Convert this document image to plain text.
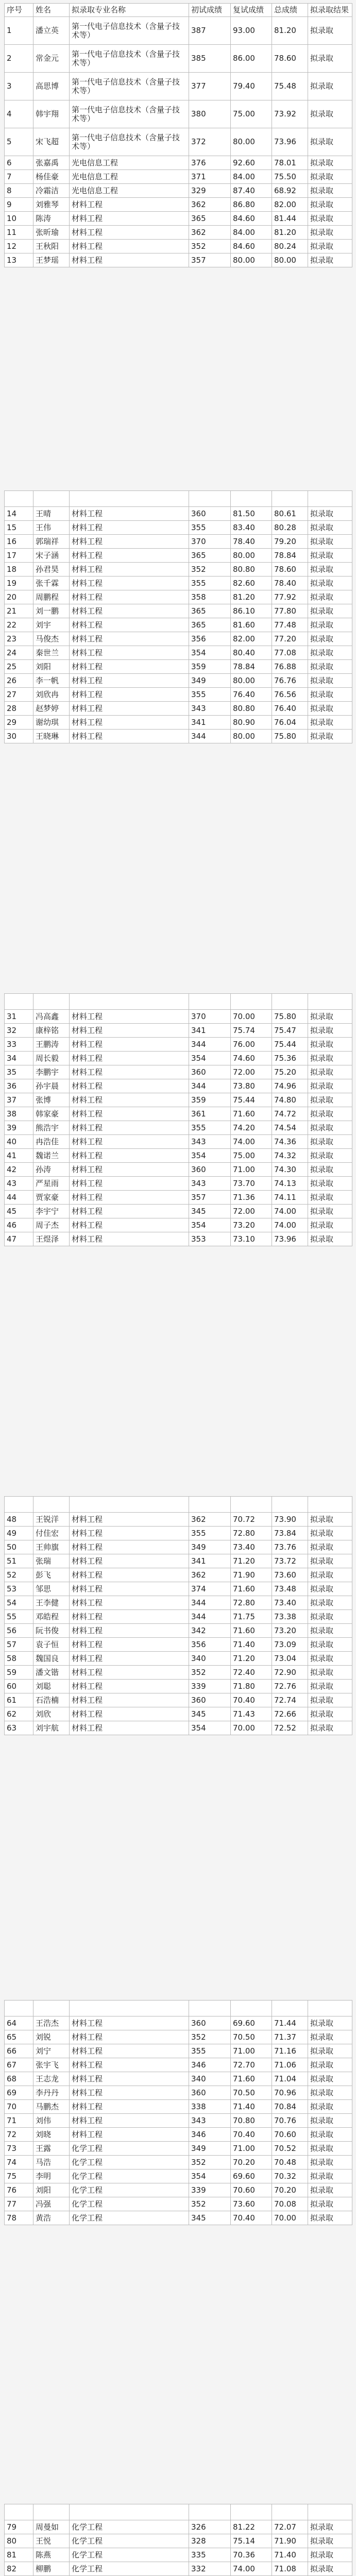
序号	姓名	拟录取专业名称	初试成绩	复试成绩	总成绩	拟录取结果
1	潘立英	第一代电子信息技术（含量子技术等）	387	93.00	81.20	拟录取
2	常金元	第一代电子信息技术（含量子技术等）	385	86.00	78.60	拟录取
3	高思博	第一代电子信息技术（含量子技术等）	377	79.40	75.48	拟录取
4	韩宇翔	第一代电子信息技术（含量子技术等）	380	75.00	73.92	拟录取
5	宋飞超	第一代电子信息技术（含量子技术等）	372	80.00	73.96	拟录取
6	张嘉禹	光电信息工程	376	92.60	78.01	拟录取
7	杨佳豪	光电信息工程	371	84.00	75.50	拟录取
8	冷霜洁	光电信息工程	329	87.40	68.92	拟录取
9	刘雅琴	材料工程	362	86.80	82.00	拟录取
10	陈涛	材料工程	365	84.60	81.44	拟录取
11	张昕瑜	材料工程	362	84.00	81.20	拟录取
12	王秋阳	材料工程	352	84.60	80.24	拟录取
13	王梦瑶	材料工程	357	80.00	80.00	拟录取

14	王晴	材料工程	360	81.50	80.61	拟录取
15	王伟	材料工程	355	83.40	80.28	拟录取
16	郭瑞祥	材料工程	370	78.40	79.20	拟录取
17	宋子涵	材料工程	365	80.00	78.84	拟录取
18	孙君昊	材料工程	352	80.80	78.60	拟录取
19	张千霖	材料工程	355	82.60	78.40	拟录取
20	周鹏程	材料工程	358	81.20	77.92	拟录取
21	刘一鹏	材料工程	365	86.10	77.80	拟录取
22	刘宇	材料工程	365	81.60	77.48	拟录取
23	马俊杰	材料工程	356	82.00	77.20	拟录取
24	秦世兰	材料工程	354	80.40	77.08	拟录取
25	刘阳	材料工程	359	78.84	76.88	拟录取
26	李一帆	材料工程	349	80.00	76.76	拟录取
27	刘欣冉	材料工程	355	76.40	76.56	拟录取
28	赵梦婷	材料工程	343	80.80	76.40	拟录取
29	谢幼琪	材料工程	341	80.90	76.04	拟录取
30	王晓琳	材料工程	344	80.00	75.80	拟录取

31	冯高鑫	材料工程	370	70.00	75.80	拟录取
32	康梓铭	材料工程	341	75.74	75.47	拟录取
33	王鹏涛	材料工程	344	76.00	75.44	拟录取
34	周长毅	材料工程	354	74.60	75.36	拟录取
35	李鹏宇	材料工程	360	72.00	75.20	拟录取
36	孙宇晨	材料工程	344	73.80	74.96	拟录取
37	张博	材料工程	359	75.44	74.80	拟录取
38	韩家豪	材料工程	361	71.60	74.72	拟录取
39	熊浩宇	材料工程	355	74.20	74.54	拟录取
40	冉浩佳	材料工程	343	74.00	74.36	拟录取
41	魏诺兰	材料工程	354	75.00	74.32	拟录取
42	孙涛	材料工程	360	71.00	74.30	拟录取
43	严星雨	材料工程	343	73.70	74.13	拟录取
44	贾家豪	材料工程	357	71.36	74.11	拟录取
45	李宇宁	材料工程	345	72.00	74.00	拟录取
46	周子杰	材料工程	354	73.20	74.00	拟录取
47	王煜泽	材料工程	353	73.10	73.96	拟录取

48	王锐洋	材料工程	362	70.72	73.90	拟录取
49	付佳宏	材料工程	355	72.80	73.84	拟录取
50	王帅旗	材料工程	349	73.40	73.76	拟录取
51	张瑞	材料工程	341	71.20	73.72	拟录取
52	彭飞	材料工程	362	71.90	73.60	拟录取
53	邹思	材料工程	374	71.60	73.48	拟录取
54	王李健	材料工程	344	72.80	73.40	拟录取
55	邓皓程	材料工程	344	71.75	73.38	拟录取
56	阮书俊	材料工程	342	71.60	73.20	拟录取
57	袁子恒	材料工程	356	71.40	73.09	拟录取
58	魏国良	材料工程	340	71.20	73.04	拟录取
59	潘文锴	材料工程	352	72.40	72.90	拟录取
60	刘聪	材料工程	339	71.80	72.76	拟录取
61	石浩楠	材料工程	360	70.40	72.74	拟录取
62	刘欣	材料工程	345	71.43	72.66	拟录取
63	刘宇航	材料工程	354	70.00	72.52	拟录取

64	王浩杰	材料工程	360	69.60	71.44	拟录取
65	刘锐	材料工程	352	70.50	71.37	拟录取
66	刘宁	材料工程	355	71.00	71.16	拟录取
67	张宇飞	材料工程	346	72.70	71.06	拟录取
68	王志龙	材料工程	340	71.60	71.04	拟录取
69	李丹丹	材料工程	360	70.50	70.96	拟录取
70	马鹏杰	材料工程	338	71.40	70.84	拟录取
71	刘伟	材料工程	343	70.80	70.76	拟录取
72	刘晓	材料工程	346	70.40	70.60	拟录取
73	王露	化学工程	349	71.00	70.52	拟录取
74	马浩	化学工程	352	70.20	70.48	拟录取
75	李明	化学工程	354	69.60	70.32	拟录取
76	刘阳	化学工程	339	70.60	70.20	拟录取
77	冯强	化学工程	352	73.60	70.08	拟录取
78	黄浩	化学工程	345	70.40	70.00	拟录取

79	周曼如	化学工程	326	81.22	72.07	拟录取
80	王悦	化学工程	328	75.14	71.90	拟录取
81	陈燕	化学工程	335	70.36	71.40	拟录取
82	柳鹏	化学工程	332	74.00	71.08	拟录取
